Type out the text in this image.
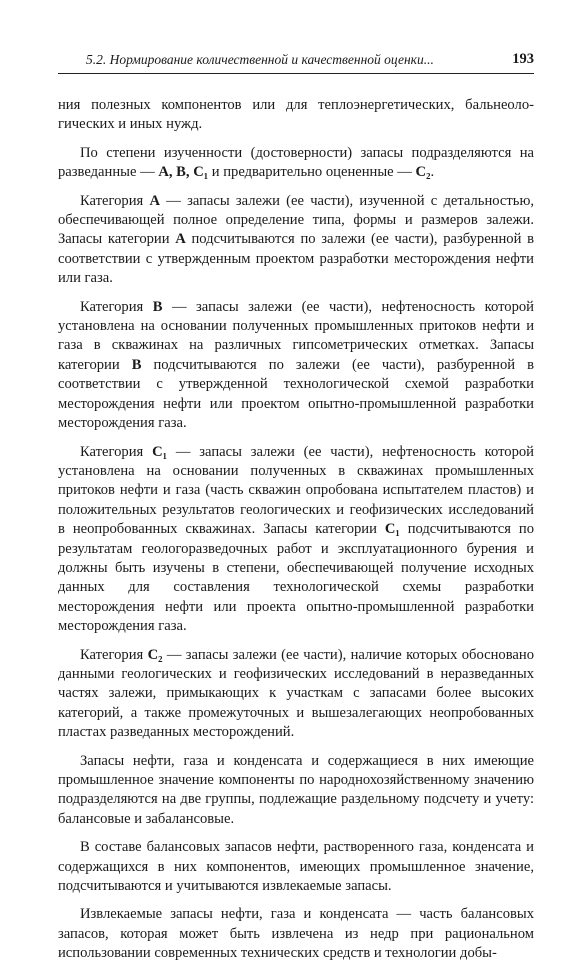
5.2. Нормирование количественной и качественной оценки...	193

ния полезных компонентов или для теплоэнергетических, бальнеологических и иных нужд.

По степени изученности (достоверности) запасы подразделяются на разведанные — А, В, C₁ и предварительно оцененные — C₂.

Категория А — запасы залежи (ее части), изученной с детальностью, обеспечивающей полное определение типа, формы и размеров залежи. Запасы категории А подсчитываются по залежи (ее части), разбуренной в соответствии с утвержденным проектом разработки месторождения нефти или газа.

Категория В — запасы залежи (ее части), нефтеносность которой установлена на основании полученных промышленных притоков нефти и газа в скважинах на различных гипсометрических отметках. Запасы категории В подсчитываются по залежи (ее части), разбуренной в соответствии с утвержденной технологической схемой разработки месторождения нефти или проектом опытно-промышленной разработки месторождения газа.

Категория C₁ — запасы залежи (ее части), нефтеносность которой установлена на основании полученных в скважинах промышленных притоков нефти и газа (часть скважин опробована испытателем пластов) и положительных результатов геологических и геофизических исследований в неопробованных скважинах. Запасы категории C₁ подсчитываются по результатам геологоразведочных работ и эксплуатационного бурения и должны быть изучены в степени, обеспечивающей получение исходных данных для составления технологической схемы разработки месторождения нефти или проекта опытно-промышленной разработки месторождения газа.

Категория C₂ — запасы залежи (ее части), наличие которых обосновано данными геологических и геофизических исследований в неразведанных частях залежи, примыкающих к участкам с запасами более высоких категорий, а также промежуточных и вышезалегающих неопробованных пластах разведанных месторождений.

Запасы нефти, газа и конденсата и содержащиеся в них имеющие промышленное значение компоненты по народнохозяйственному значению подразделяются на две группы, подлежащие раздельному подсчету и учету: балансовые и забалансовые.

В составе балансовых запасов нефти, растворенного газа, конденсата и содержащихся в них компонентов, имеющих промышленное значение, подсчитываются и учитываются извлекаемые запасы.

Извлекаемые запасы нефти, газа и конденсата — часть балансовых запасов, которая может быть извлечена из недр при рациональном использовании современных технических средств и технологии добы-
